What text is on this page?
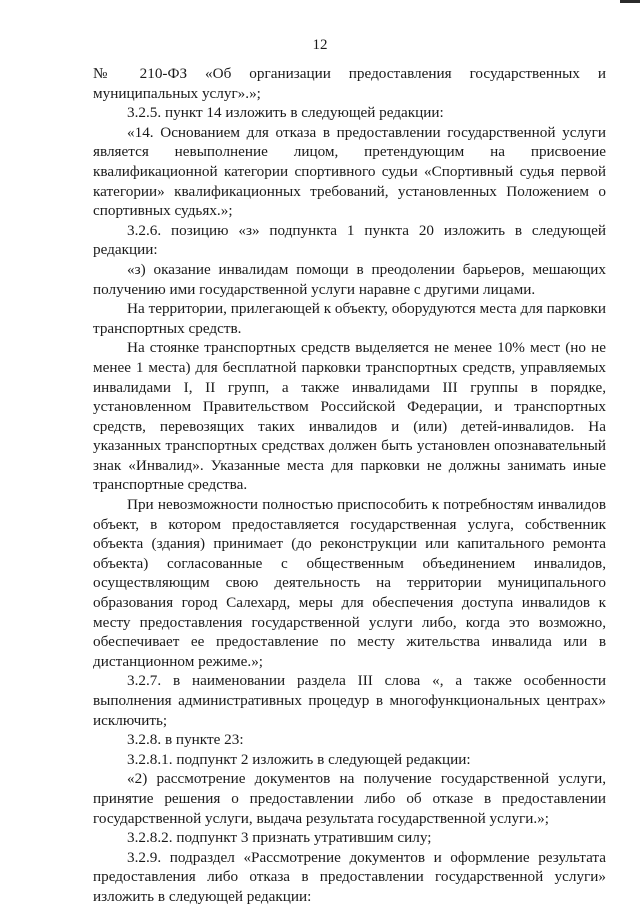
12

№ 210-ФЗ «Об организации предоставления государственных и муниципальных услуг».»;

3.2.5. пункт 14 изложить в следующей редакции:

«14. Основанием для отказа в предоставлении государственной услуги является невыполнение лицом, претендующим на присвоение квалификационной категории спортивного судьи «Спортивный судья первой категории» квалификационных требований, установленных Положением о спортивных судьях.»;

3.2.6. позицию «з» подпункта 1 пункта 20 изложить в следующей редакции:

«з) оказание инвалидам помощи в преодолении барьеров, мешающих получению ими государственной услуги наравне с другими лицами.

На территории, прилегающей к объекту, оборудуются места для парковки транспортных средств.

На стоянке транспортных средств выделяется не менее 10% мест (но не менее 1 места) для бесплатной парковки транспортных средств, управляемых инвалидами I, II групп, а также инвалидами III группы в порядке, установленном Правительством Российской Федерации, и транспортных средств, перевозящих таких инвалидов и (или) детей-инвалидов. На указанных транспортных средствах должен быть установлен опознавательный знак «Инвалид». Указанные места для парковки не должны занимать иные транспортные средства.

При невозможности полностью приспособить к потребностям инвалидов объект, в котором предоставляется государственная услуга, собственник объекта (здания) принимает (до реконструкции или капитального ремонта объекта) согласованные с общественным объединением инвалидов, осуществляющим свою деятельность на территории муниципального образования город Салехард, меры для обеспечения доступа инвалидов к месту предоставления государственной услуги либо, когда это возможно, обеспечивает ее предоставление по месту жительства инвалида или в дистанционном режиме.»;

3.2.7. в наименовании раздела III слова «, а также особенности выполнения административных процедур в многофункциональных центрах» исключить;

3.2.8. в пункте 23:

3.2.8.1. подпункт 2 изложить в следующей редакции:

«2) рассмотрение документов на получение государственной услуги, принятие решения о предоставлении либо об отказе в предоставлении государственной услуги, выдача результата государственной услуги.»;

3.2.8.2. подпункт 3 признать утратившим силу;

3.2.9. подраздел «Рассмотрение документов и оформление результата предоставления либо отказа в предоставлении государственной услуги» изложить в следующей редакции:
